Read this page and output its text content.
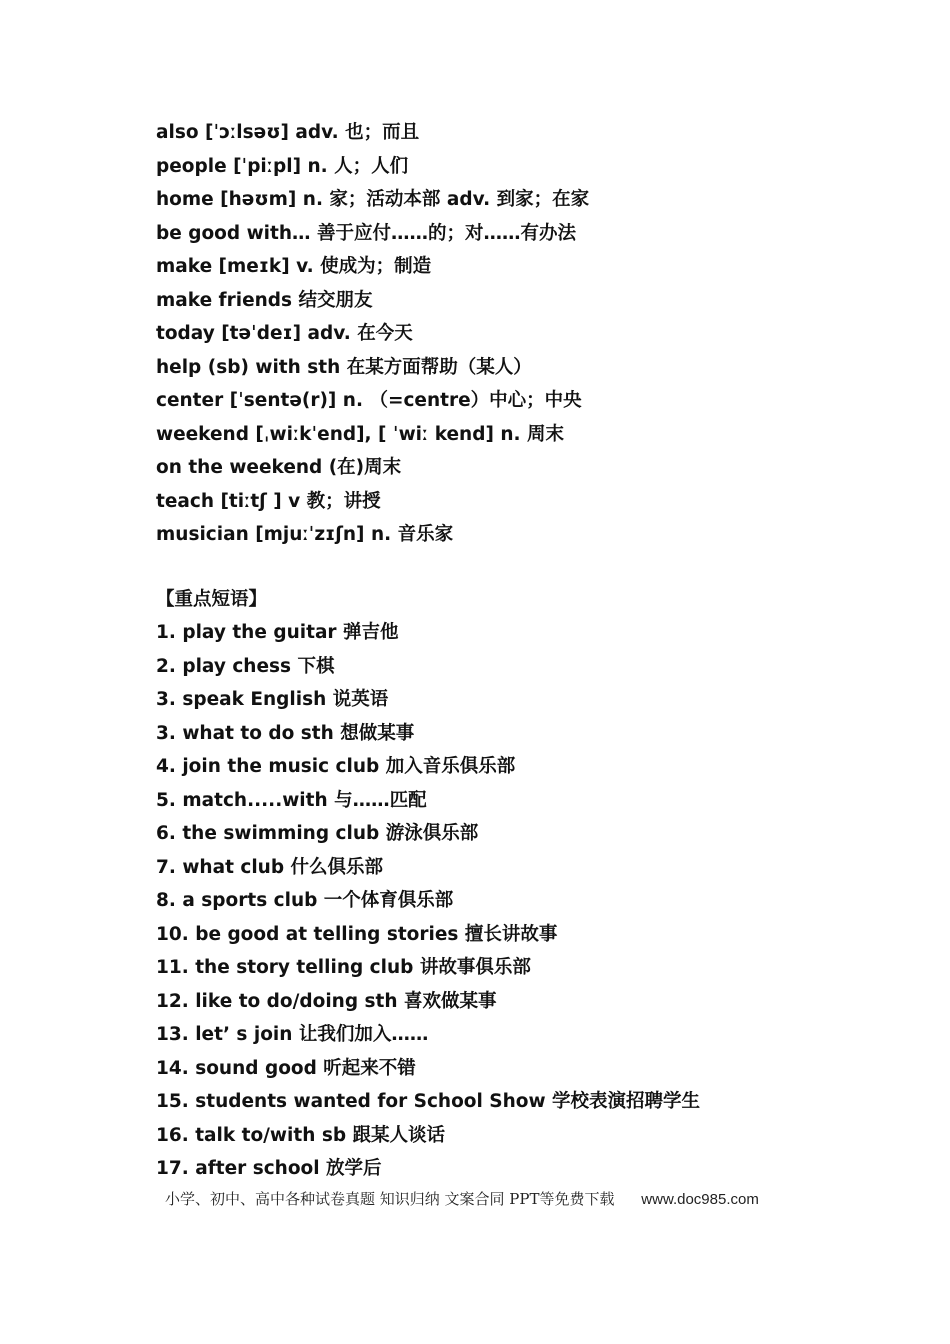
also [ˈɔːlsəʊ] adv. 也；而且
people [ˈpiːpl] n. 人；人们
home [həʊm] n. 家；活动本部 adv. 到家；在家
be good with… 善于应付……的；对……有办法
make [meɪk] v. 使成为；制造
make friends 结交朋友
today [təˈdeɪ] adv. 在今天
help (sb) with sth 在某方面帮助（某人）
center [ˈsentə(r)] n. （=centre）中心；中央
weekend [ˌwiːkˈend], [ ˈwiː kend] n. 周末
on the weekend (在)周末
teach [tiːtʃ ] v 教；讲授
musician [mjuːˈzɪʃn] n. 音乐家
【重点短语】
1. play the guitar 弹吉他
2. play chess 下棋
3. speak English 说英语
3. what to do sth 想做某事
4. join the music club 加入音乐俱乐部
5. match.....with 与……匹配
6. the swimming club 游泳俱乐部
7. what club 什么俱乐部
8. a sports club 一个体育俱乐部
10. be good at telling stories 擅长讲故事
11. the story telling club 讲故事俱乐部
12. like to do/doing sth 喜欢做某事
13. let’ s join 让我们加入……
14. sound good 听起来不错
15. students wanted for School Show 学校表演招聘学生
16. talk to/with sb 跟某人谈话
17. after school 放学后
小学、初中、高中各种试卷真题 知识归纳 文案合同 PPT等免费下载 www.doc985.com
